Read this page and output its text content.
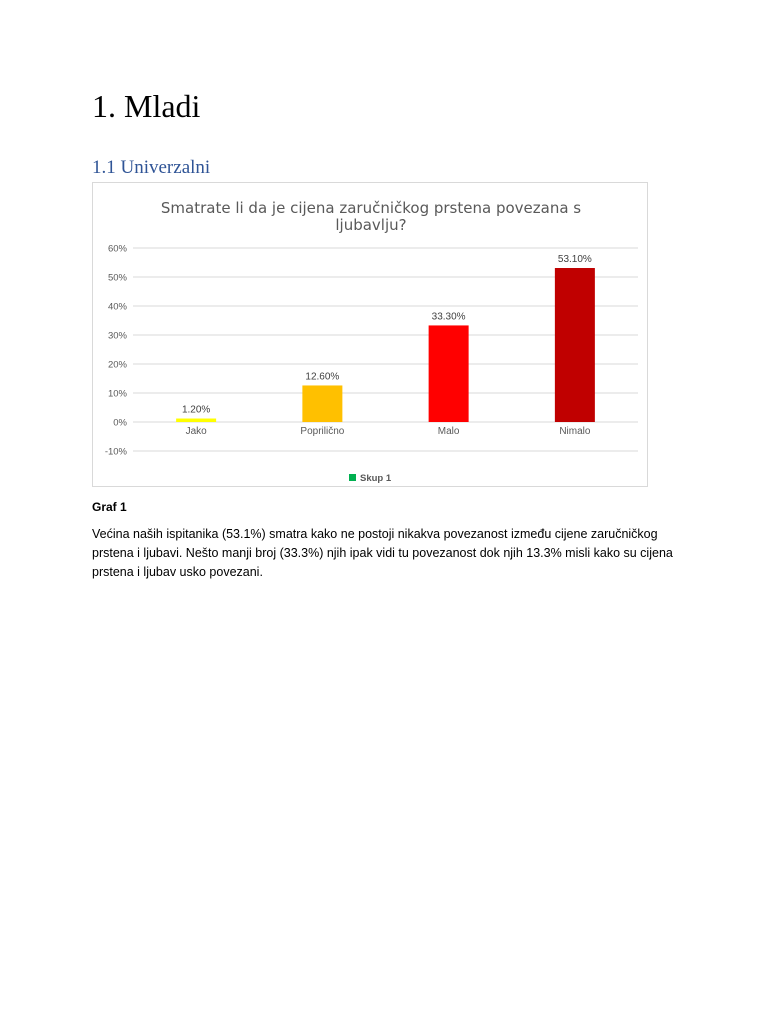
1. Mladi
1.1 Univerzalni
Smatrate li da je cijena zaručničkog prstena povezana s
ljubavlju?
-10%
0%
10%
20%
30%
40%
50%
60%
1.20%
Jako
12.60%
Poprilično
33.30%
Malo
53.10%
Nimalo
Skup 1
Graf 1

Većina naših ispitanika (53.1%) smatra kako ne postoji nikakva povezanost između cijene zaručničkog prstena i ljubavi. Nešto manji broj (33.3%) njih ipak vidi tu povezanost dok njih 13.3% misli kako su cijena prstena i ljubav usko povezani.
